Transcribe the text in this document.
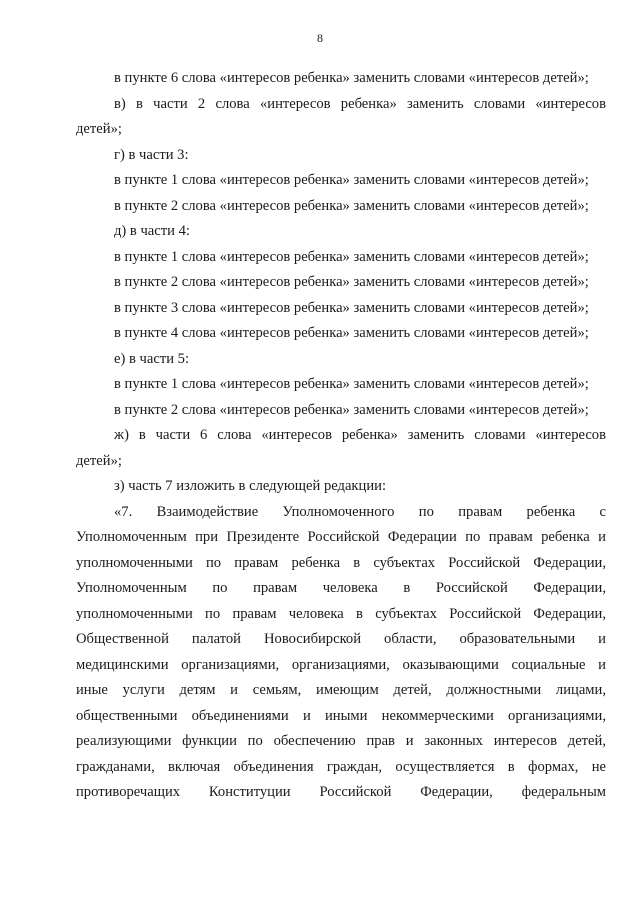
8
в пункте 6 слова «интересов ребенка» заменить словами «интересов детей»;
в) в части 2 слова «интересов ребенка» заменить словами «интересов
детей»;
г) в части 3:
в пункте 1 слова «интересов ребенка» заменить словами «интересов детей»;
в пункте 2 слова «интересов ребенка» заменить словами «интересов детей»;
д) в части 4:
в пункте 1 слова «интересов ребенка» заменить словами «интересов детей»;
в пункте 2 слова «интересов ребенка» заменить словами «интересов детей»;
в пункте 3 слова «интересов ребенка» заменить словами «интересов детей»;
в пункте 4 слова «интересов ребенка» заменить словами «интересов детей»;
е) в части 5:
в пункте 1 слова «интересов ребенка» заменить словами «интересов детей»;
в пункте 2 слова «интересов ребенка» заменить словами «интересов детей»;
ж) в части 6 слова «интересов ребенка» заменить словами «интересов
детей»;
з) часть 7 изложить в следующей редакции:
«7. Взаимодействие Уполномоченного по правам ребенка с
Уполномоченным при Президенте Российской Федерации по правам ребенка и
уполномоченными по правам ребенка в субъектах Российской Федерации,
Уполномоченным по правам человека в Российской Федерации,
уполномоченными по правам человека в субъектах Российской Федерации,
Общественной палатой Новосибирской области, образовательными и
медицинскими организациями, организациями, оказывающими социальные и
иные услуги детям и семьям, имеющим детей, должностными лицами,
общественными объединениями и иными некоммерческими организациями,
реализующими функции по обеспечению прав и законных интересов детей,
гражданами, включая объединения граждан, осуществляется в формах, не
противоречащих Конституции Российской Федерации, федеральным
